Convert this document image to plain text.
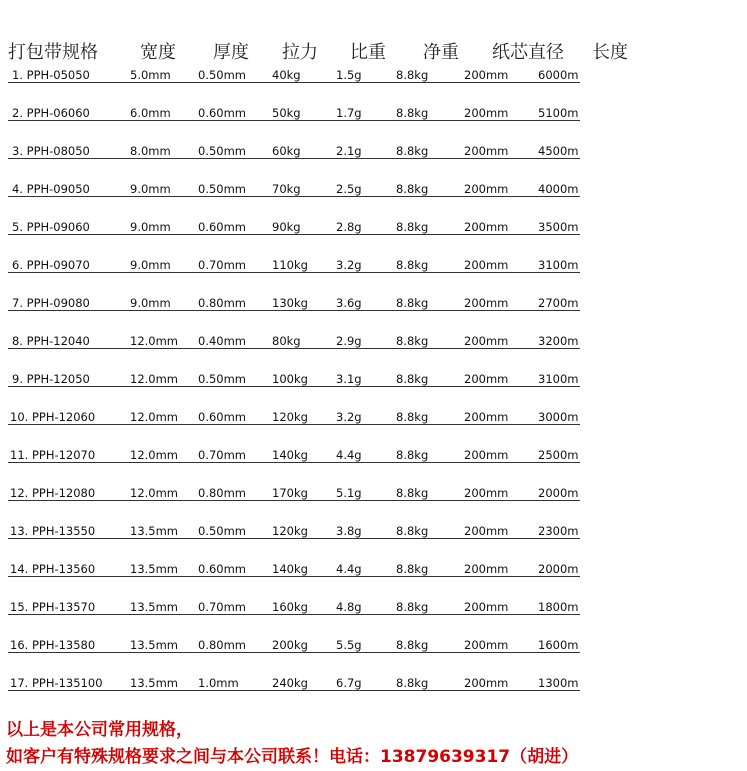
打包带规格 宽度 厚度 拉力 比重 净重 纸芯直径 长度
1. PPH-05050	5.0mm 0.50mm 40kg	1.5g	8.8kg	200mm	6000m
2. PPH-06060	6.0mm 0.60mm 50kg	1.7g	8.8kg	200mm	5100m
3. PPH-08050	8.0mm 0.50mm 60kg	2.1g	8.8kg	200mm	4500m
4. PPH-09050	9.0mm 0.50mm 70kg	2.5g	8.8kg	200mm	4000m
5. PPH-09060	9.0mm 0.60mm 90kg	2.8g	8.8kg	200mm	3500m
6. PPH-09070	9.0mm 0.70mm 110kg 3.2g	8.8kg	200mm	3100m
7. PPH-09080	9.0mm 0.80mm 130kg 3.6g	8.8kg	200mm	2700m
8. PPH-12040	12.0mm 0.40mm 80kg	2.9g	8.8kg	200mm	3200m
9. PPH-12050	12.0mm 0.50mm 100kg 3.1g	8.8kg	200mm	3100m
10. PPH-12060	12.0mm 0.60mm 120kg 3.2g	8.8kg	200mm	3000m
11. PPH-12070	12.0mm 0.70mm 140kg 4.4g	8.8kg	200mm	2500m
12. PPH-12080	12.0mm 0.80mm 170kg 5.1g	8.8kg	200mm	2000m
13. PPH-13550	13.5mm 0.50mm 120kg 3.8g	8.8kg	200mm	2300m
14. PPH-13560	13.5mm 0.60mm 140kg 4.4g	8.8kg	200mm	2000m
15. PPH-13570	13.5mm 0.70mm 160kg 4.8g	8.8kg	200mm	1800m
16. PPH-13580	13.5mm 0.80mm 200kg 5.5g	8.8kg	200mm	1600m
17. PPH-135100 13.5mm 1.0mm	240kg 6.7g	8.8kg	200mm	1300m
以上是本公司常用规格，
如客户有特殊规格要求之间与本公司联系！电话：13879639317（胡进）
